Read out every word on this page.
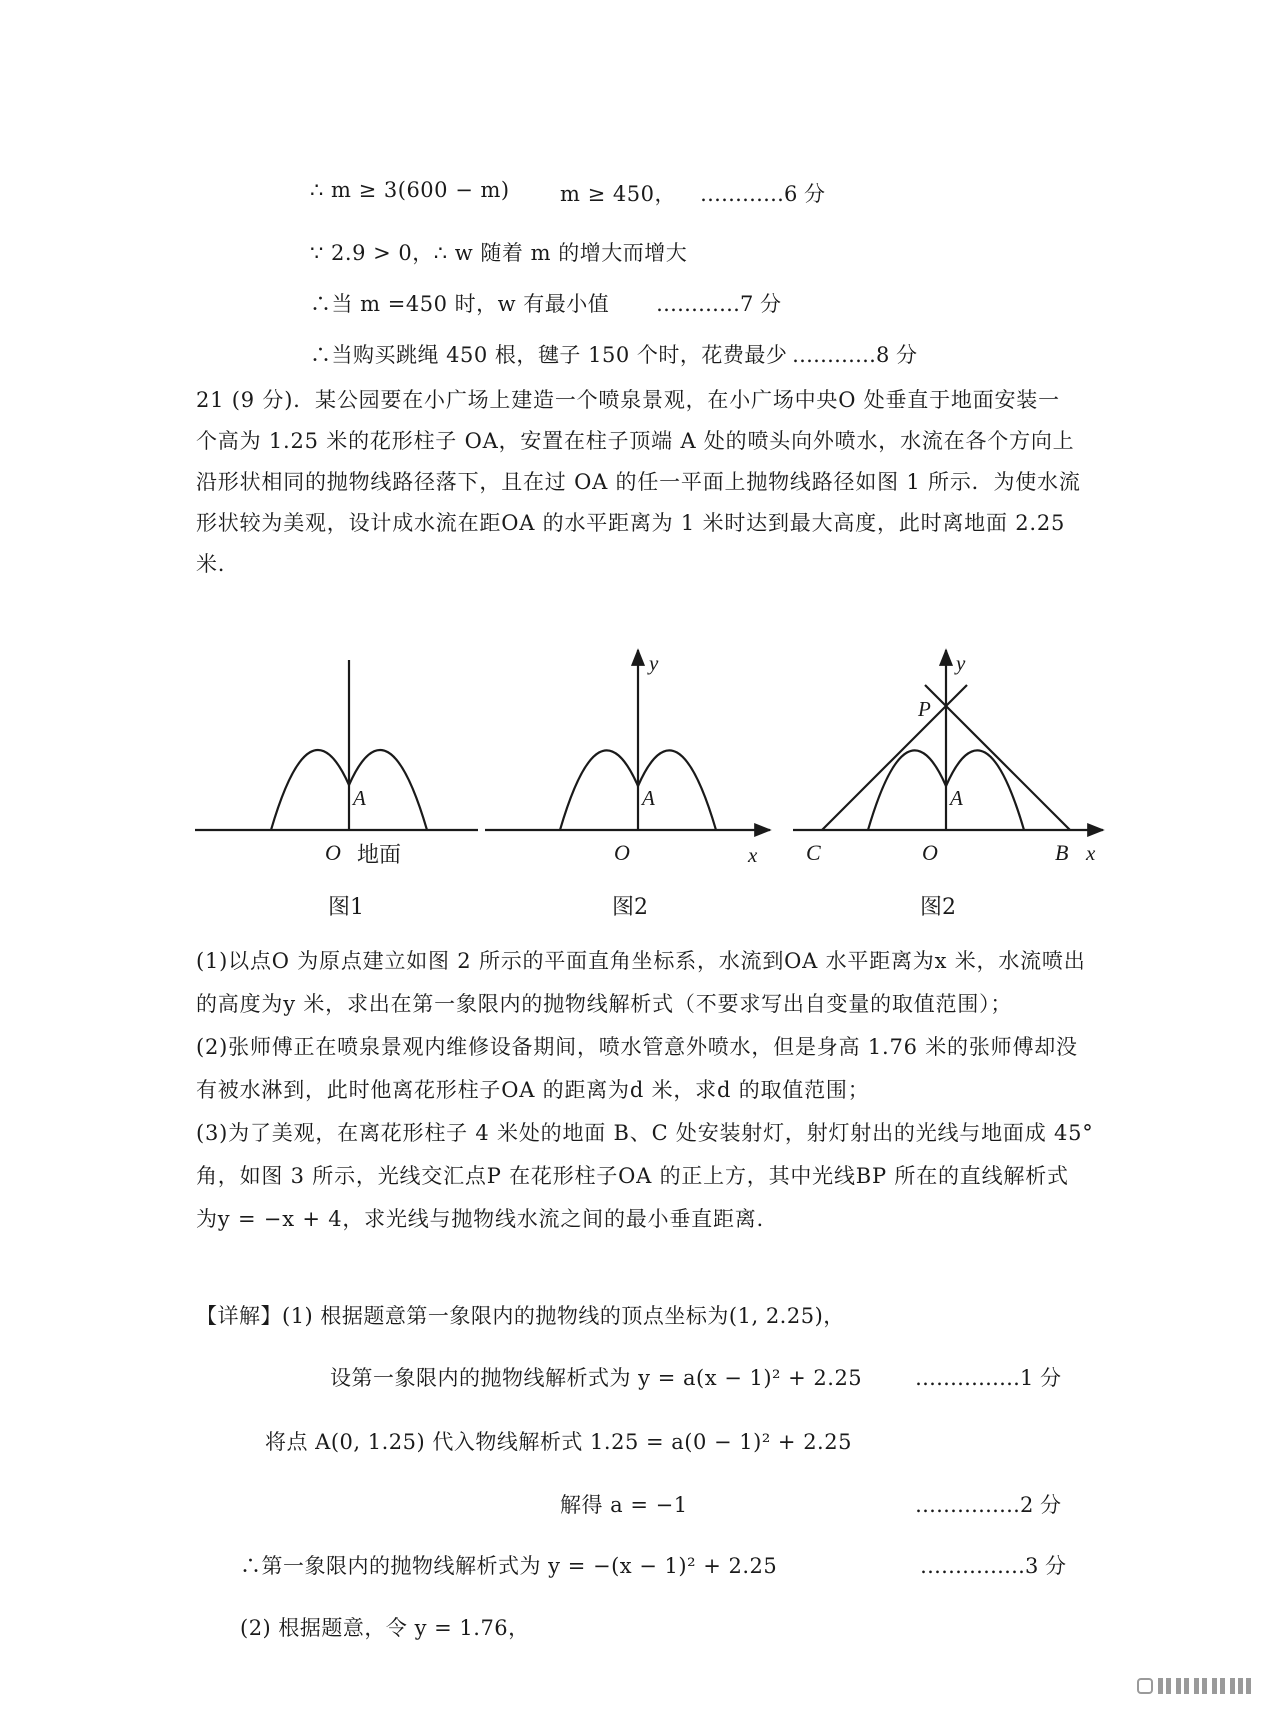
∴ m ≥ 3(600 − m) m ≥ 450， …………6 分
∵ 2.9 > 0，∴ w 随着 m 的增大而增大
∴当 m =450 时，w 有最小值 …………7 分
∴当购买跳绳 450 根，毽子 150 个时，花费最少 …………8 分

21 (9 分)．某公园要在小广场上建造一个喷泉景观，在小广场中央O 处垂直于地面安装一

个高为 1.25 米的花形柱子 OA，安置在柱子顶端 A 处的喷头向外喷水，水流在各个方向上

沿形状相同的抛物线路径落下，且在过 OA 的任一平面上抛物线路径如图 1 所示．为使水流

形状较为美观，设计成水流在距OA 的水平距离为 1 米时达到最大高度，此时离地面 2.25

米.

A
O 地面
y
A
O	x
y
P
A
C	O	B x
图1	图2	图2

(1)以点O 为原点建立如图 2 所示的平面直角坐标系，水流到OA 水平距离为x 米，水流喷出

的高度为y 米，求出在第一象限内的抛物线解析式（不要求写出自变量的取值范围）；

(2)张师傅正在喷泉景观内维修设备期间，喷水管意外喷水，但是身高 1.76 米的张师傅却没

有被水淋到，此时他离花形柱子OA 的距离为d 米，求d 的取值范围；

(3)为了美观，在离花形柱子 4 米处的地面 B、C 处安装射灯，射灯射出的光线与地面成 45°

角，如图 3 所示，光线交汇点P 在花形柱子OA 的正上方，其中光线BP 所在的直线解析式

为y = −x + 4，求光线与抛物线水流之间的最小垂直距离.

【详解】(1) 根据题意第一象限内的抛物线的顶点坐标为(1, 2.25)，
设第一象限内的抛物线解析式为 y = a(x − 1)² + 2.25	……………1 分
将点 A(0, 1.25) 代入物线解析式 1.25 = a(0 − 1)² + 2.25
解得 a = −1	……………2 分
∴第一象限内的抛物线解析式为 y = −(x − 1)² + 2.25	……………3 分
(2) 根据题意，令 y = 1.76，
